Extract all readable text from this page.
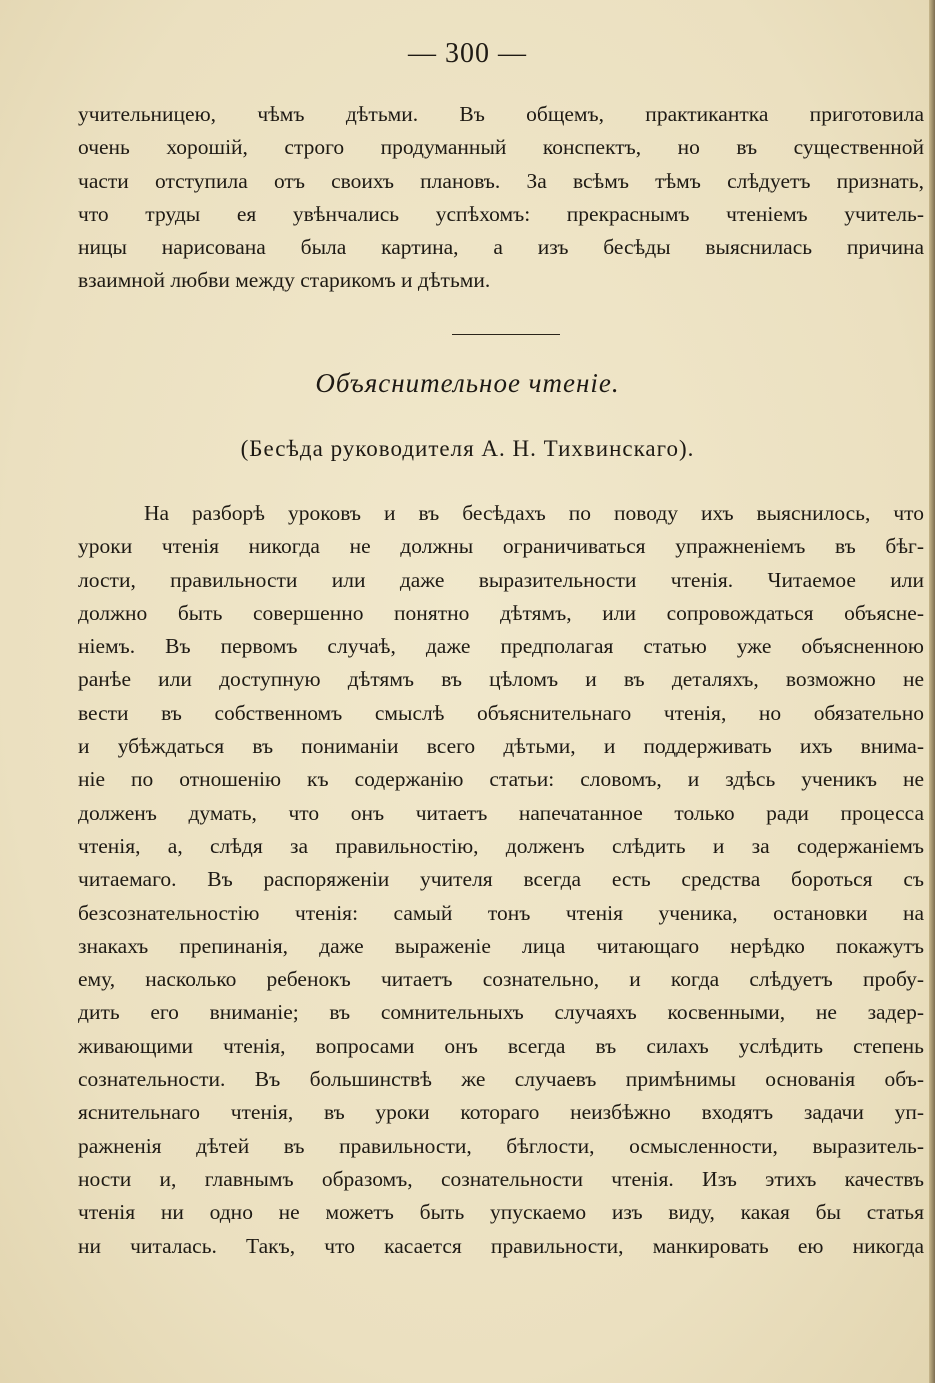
— 300 —
учительницею, чѣмъ дѣтьми. Въ общемъ, практикантка приготовила
очень хорошій, строго продуманный конспектъ, но въ существенной
части отступила отъ своихъ плановъ. За всѣмъ тѣмъ слѣдуетъ признать,
что труды ея увѣнчались успѣхомъ: прекраснымъ чтеніемъ учитель-
ницы нарисована была картина, а изъ бесѣды выяснилась причина
взаимной любви между старикомъ и дѣтьми.
Объяснительное чтеніе.
(Бесѣда руководителя А. Н. Тихвинскаго).
На разборѣ уроковъ и въ бесѣдахъ по поводу ихъ выяснилось, что
уроки чтенія никогда не должны ограничиваться упражненіемъ въ бѣг-
лости, правильности или даже выразительности чтенія. Читаемое или
должно быть совершенно понятно дѣтямъ, или сопровождаться объясне-
ніемъ. Въ первомъ случаѣ, даже предполагая статью уже объясненною
ранѣе или доступную дѣтямъ въ цѣломъ и въ деталяхъ, возможно не
вести въ собственномъ смыслѣ объяснительнаго чтенія, но обязательно
и убѣждаться въ пониманіи всего дѣтьми, и поддерживать ихъ внима-
ніе по отношенію къ содержанію статьи: словомъ, и здѣсь ученикъ не
долженъ думать, что онъ читаетъ напечатанное только ради процесса
чтенія, а, слѣдя за правильностію, долженъ слѣдить и за содержаніемъ
читаемаго. Въ распоряженіи учителя всегда есть средства бороться съ
безсознательностію чтенія: самый тонъ чтенія ученика, остановки на
знакахъ препинанія, даже выраженіе лица читающаго нерѣдко покажутъ
ему, насколько ребенокъ читаетъ сознательно, и когда слѣдуетъ пробу-
дить его вниманіе; въ сомнительныхъ случаяхъ косвенными, не задер-
живающими чтенія, вопросами онъ всегда въ силахъ услѣдить степень
сознательности. Въ большинствѣ же случаевъ примѣнимы основанія объ-
яснительнаго чтенія, въ уроки котораго неизбѣжно входятъ задачи уп-
ражненія дѣтей въ правильности, бѣглости, осмысленности, выразитель-
ности и, главнымъ образомъ, сознательности чтенія. Изъ этихъ качествъ
чтенія ни одно не можетъ быть упускаемо изъ виду, какая бы статья
ни читалась. Такъ, что касается правильности, манкировать ею никогда
